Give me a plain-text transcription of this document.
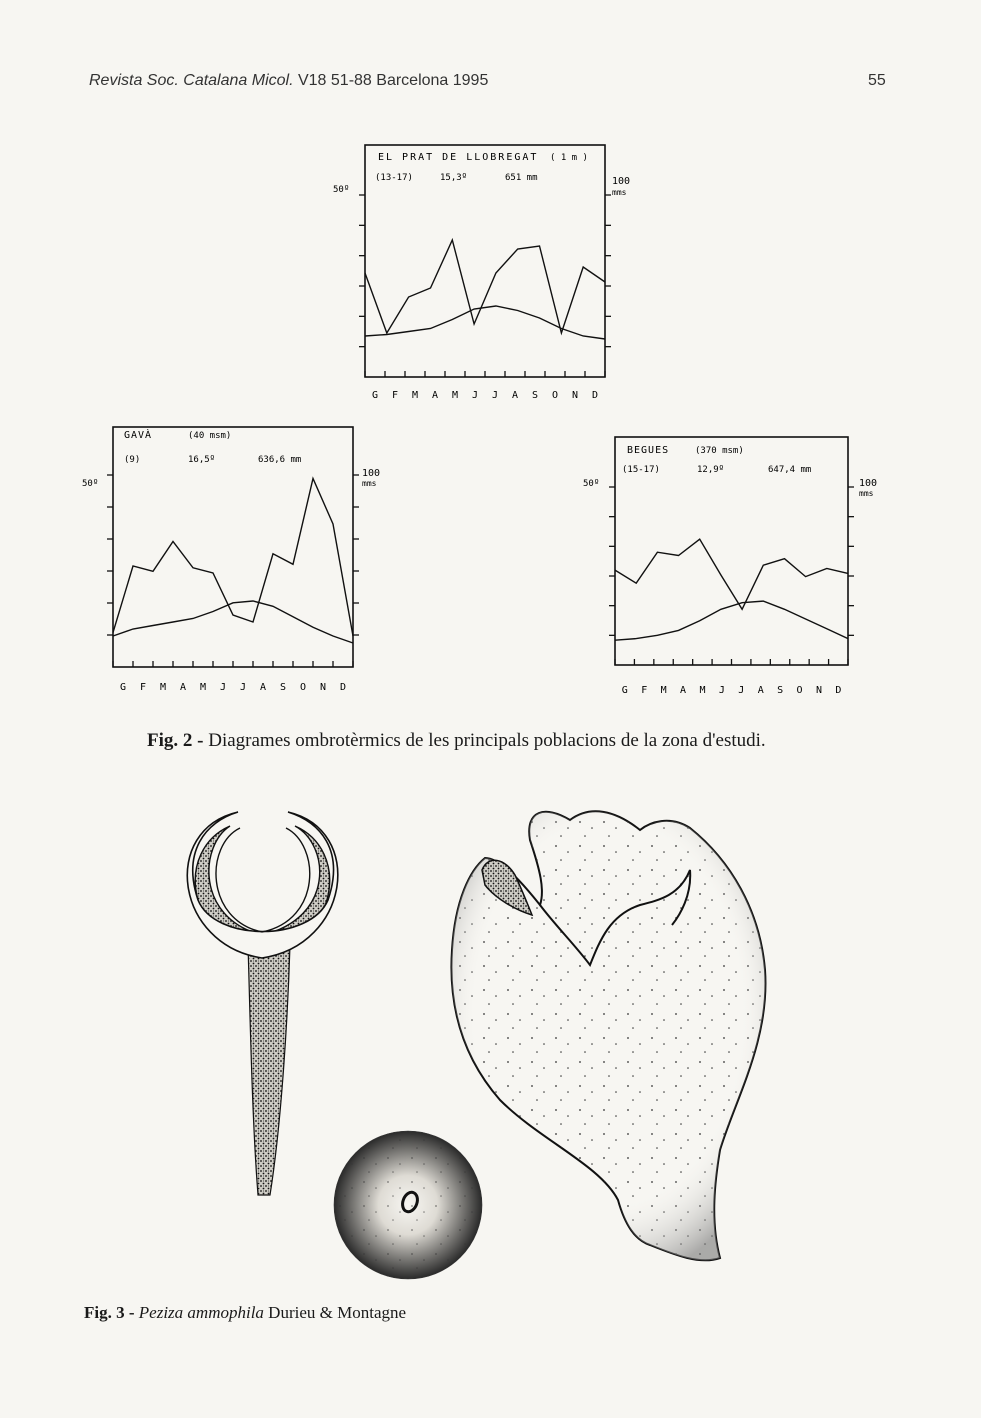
Revista Soc. Catalana Micol. V18 51-88 Barcelona 1995	55
EL PRAT DE LLOBREGAT ( 1 m )
(13-17)	15,3º	651 mm
50º
100
mms
G F M A M J J A S O N D
GAVÀ	(40 msm)
(9)	16,5º	636,6 mm
50º
100
mms
G F M A M J J A S O N D
BEGUES	(370 msm)
(15-17)	12,9º	647,4 mm
50º	100
mms
G F M A M J J A S O N D
Fig. 2 - Diagrames ombrotèrmics de les principals poblacions de la zona d'estudi.
Fig. 3 - Peziza ammophila Durieu & Montagne
